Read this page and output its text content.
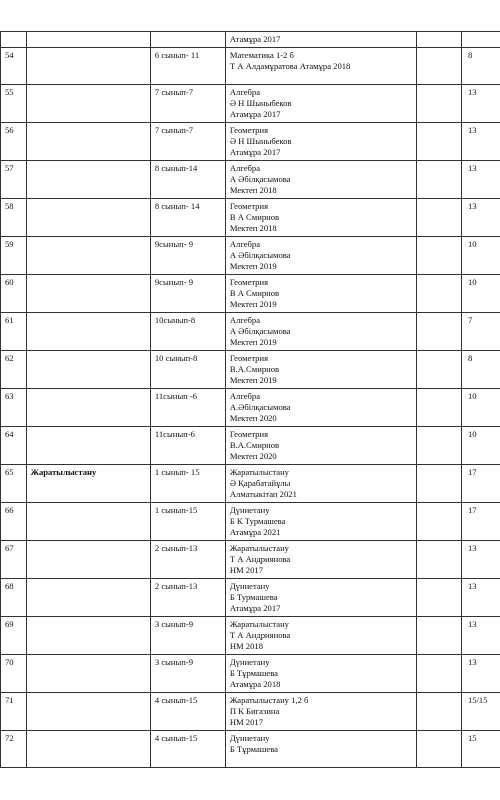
			Атамұра 2017		

54		6 сынып- 11	Математика 1-2 б
Т А Алдамұратова Атамұра 2018		8
55		7 сынып-7	Алгебра
Ә Н Шыныбеков
Атамұра 2017		13
56		7 сынып-7	Геометрия
Ә Н Шыныбеков
Атамұра 2017		13
57		8 сынып-14	Алгебра
А Әбілқасымова
Мектеп 2018		13
58		8 сынып- 14	Геометрия
В А Смирнов
Мектеп 2018		13
59		9сынып- 9	Алгебра
А Әбілқасымова
Мектеп 2019		10
60		9сынып- 9	Геометрия
В А Смирнов
Мектеп 2019		10
61		10сынып-8	Алгебра
А Әбілқасымова
Мектеп 2019		7
62		10 сынып-8	Геометрия
В.А.Смирнов
Мектеп 2019		8
63		11сынып -6	Алгебра
А.Әбілқасымова
Мектеп 2020		10
64		11сынып-6	Геометрия
В.А.Смирнов
Мектеп 2020		10
65	Жаратылыстану	1 сынып- 15	Жаратылыстану
Ә Қарабатайұлы
Алматыкітап 2021		17
66		1 сынып-15	Дүниетану
Б К Турмашева
Атамұра 2021		17
67		2 сынып-13	Жаратылыстану
Т А Андриянова
НМ 2017		13
68		2 сынып-13	Дүниетану
Б Турмашева
Атамұра 2017		13
69		3 сынып-9	Жаратылыстану
Т А Андриянова
НМ 2018		13
70		3 сынып-9	Дүниетану
Б Тұрмашева
Атамұра 2018		13
71		4 сынып-15	Жаратылыстану 1,2 б
П К Бигазина
НМ 2017		15/15
72		4 сынып-15	Дүниетану
Б Тұрмашева		15
